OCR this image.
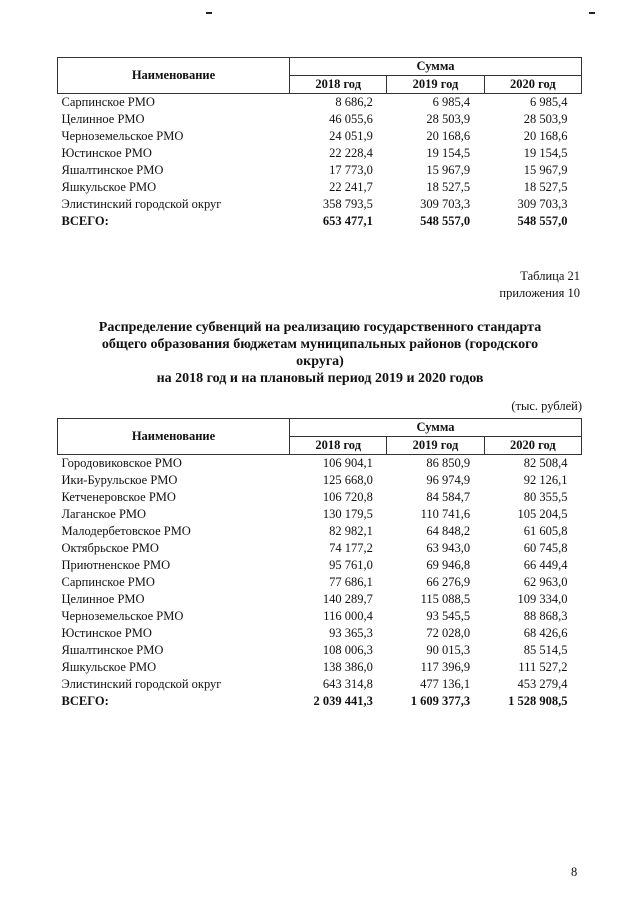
Наименование	Сумма		
	2018 год	2019 год	2020 год
Сарпинское РМО	8 686,2	6 985,4	6 985,4
Целинное РМО	46 055,6	28 503,9	28 503,9
Черноземельское РМО	24 051,9	20 168,6	20 168,6
Юстинское РМО	22 228,4	19 154,5	19 154,5
Яшалтинское РМО	17 773,0	15 967,9	15 967,9
Яшкульское РМО	22 241,7	18 527,5	18 527,5
Элистинский городской округ	358 793,5	309 703,3	309 703,3
ВСЕГО:	653 477,1	548 557,0	548 557,0
Таблица 21
приложения 10
Распределение субвенций на реализацию государственного стандарта
общего образования бюджетам муниципальных районов (городского
округа)
на 2018 год и на плановый период 2019 и 2020 годов
(тыс. рублей)
Наименование	Сумма		
	2018 год	2019 год	2020 год
Городовиковское РМО	106 904,1	86 850,9	82 508,4
Ики-Бурульское РМО	125 668,0	96 974,9	92 126,1
Кетченеровское РМО	106 720,8	84 584,7	80 355,5
Лаганское РМО	130 179,5	110 741,6	105 204,5
Малодербетовское РМО	82 982,1	64 848,2	61 605,8
Октябрьское РМО	74 177,2	63 943,0	60 745,8
Приютненское РМО	95 761,0	69 946,8	66 449,4
Сарпинское РМО	77 686,1	66 276,9	62 963,0
Целинное РМО	140 289,7	115 088,5	109 334,0
Черноземельское РМО	116 000,4	93 545,5	88 868,3
Юстинское РМО	93 365,3	72 028,0	68 426,6
Яшалтинское РМО	108 006,3	90 015,3	85 514,5
Яшкульское РМО	138 386,0	117 396,9	111 527,2
Элистинский городской округ	643 314,8	477 136,1	453 279,4
ВСЕГО:	2 039 441,3	1 609 377,3	1 528 908,5
8
